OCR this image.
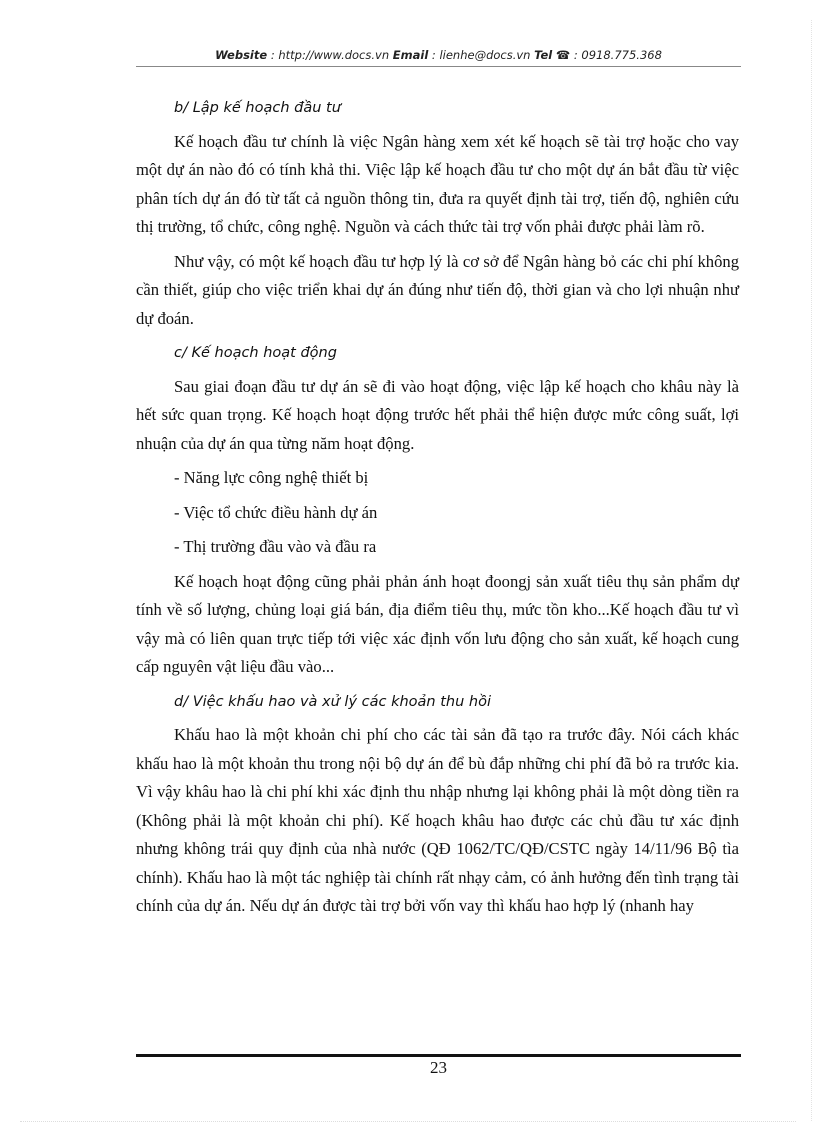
Website : http://www.docs.vn Email : lienhe@docs.vn Tel ☎ : 0918.775.368

b/ Lập kế hoạch đầu tư

Kế hoạch đầu tư chính là việc Ngân hàng xem xét kế hoạch sẽ tài trợ hoặc cho vay một dự án nào đó có tính khả thi. Việc lập kế hoạch đầu tư cho một dự án bắt đầu từ việc phân tích dự án đó từ tất cả nguồn thông tin, đưa ra quyết định tài trợ, tiến độ, nghiên cứu thị trường, tổ chức, công nghệ. Nguồn và cách thức tài trợ vốn phải được phải làm rõ.

Như vậy, có một kế hoạch đầu tư hợp lý là cơ sở để Ngân hàng bỏ các chi phí không cần thiết, giúp cho việc triển khai dự án đúng như tiến độ, thời gian và cho lợi nhuận như dự đoán.

c/ Kế hoạch hoạt động

Sau giai đoạn đầu tư dự án sẽ đi vào hoạt động, việc lập kế hoạch cho khâu này là hết sức quan trọng. Kế hoạch hoạt động trước hết phải thể hiện được mức công suất, lợi nhuận của dự án qua từng năm hoạt động.

- Năng lực công nghệ thiết bị

- Việc tổ chức điều hành dự án

- Thị trường đầu vào và đầu ra

Kế hoạch hoạt động cũng phải phản ánh hoạt đoongj sản xuất tiêu thụ sản phẩm dự tính về số lượng, chủng loại giá bán, địa điểm tiêu thụ, mức tồn kho...Kế hoạch đầu tư vì vậy mà có liên quan trực tiếp tới việc xác định vốn lưu động cho sản xuất, kế hoạch cung cấp nguyên vật liệu đầu vào...

d/ Việc khấu hao và xử lý các khoản thu hồi

Khấu hao là một khoản chi phí cho các tài sản đã tạo ra trước đây. Nói cách khác khấu hao là một khoản thu trong nội bộ dự án để bù đắp những chi phí đã bỏ ra trước kia. Vì vậy khâu hao là chi phí khi xác định thu nhập nhưng lại không phải là một dòng tiền ra (Không phải là một khoản chi phí). Kế hoạch khâu hao được các chủ đầu tư xác định nhưng không trái quy định của nhà nước (QĐ 1062/TC/QĐ/CSTC ngày 14/11/96 Bộ tìa chính). Khấu hao là một tác nghiệp tài chính rất nhạy cảm, có ảnh hưởng đến tình trạng tài chính của dự án. Nếu dự án được tài trợ bởi vốn vay thì khấu hao hợp lý (nhanh hay

23
